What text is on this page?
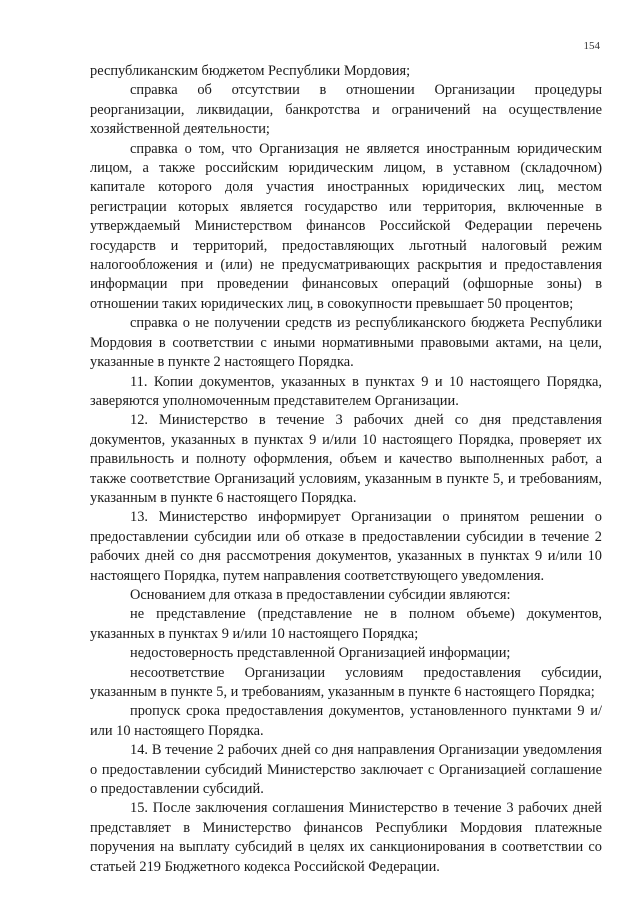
154

республиканским бюджетом Республики Мордовия;

справка об отсутствии в отношении Организации процедуры реорганизации, ликвидации, банкротства и ограничений на осуществление хозяйственной деятельности;

справка о том, что Организация не является иностранным юридическим лицом, а также российским юридическим лицом, в уставном (складочном) капитале которого доля участия иностранных юридических лиц, местом регистрации которых является государство или территория, включенные в утверждаемый Министерством финансов Российской Федерации перечень государств и территорий, предоставляющих льготный налоговый режим налогообложения и (или) не предусматривающих раскрытия и предоставления информации при проведении финансовых операций (офшорные зоны) в отношении таких юридических лиц, в совокупности превышает 50 процентов;

справка о не получении средств из республиканского бюджета Республики Мордовия в соответствии с иными нормативными правовыми актами, на цели, указанные в пункте 2 настоящего Порядка.

11. Копии документов, указанных в пунктах 9 и 10 настоящего Порядка, заверяются уполномоченным представителем Организации.

12. Министерство в течение 3 рабочих дней со дня представления документов, указанных в пунктах 9 и/или 10 настоящего Порядка, проверяет их правильность и полноту оформления, объем и качество выполненных работ, а также соответствие Организаций условиям, указанным в пункте 5, и требованиям, указанным в пункте 6 настоящего Порядка.

13. Министерство информирует Организации о принятом решении о предоставлении субсидии или об отказе в предоставлении субсидии в течение 2 рабочих дней со дня рассмотрения документов, указанных в пунктах 9 и/или 10 настоящего Порядка, путем направления соответствующего уведомления.

Основанием для отказа в предоставлении субсидии являются:

не представление (представление не в полном объеме) документов, указанных в пунктах 9 и/или 10 настоящего Порядка;

недостоверность представленной Организацией информации;

несоответствие Организации условиям предоставления субсидии, указанным в пункте 5, и требованиям, указанным в пункте 6 настоящего Порядка;

пропуск срока предоставления документов, установленного пунктами 9 и/или 10 настоящего Порядка.

14. В течение 2 рабочих дней со дня направления Организации уведомления о предоставлении субсидий Министерство заключает с Организацией соглашение о предоставлении субсидий.

15. После заключения соглашения Министерство в течение 3 рабочих дней представляет в Министерство финансов Республики Мордовия платежные поручения на выплату субсидий в целях их санкционирования в соответствии со статьей 219 Бюджетного кодекса Российской Федерации.
